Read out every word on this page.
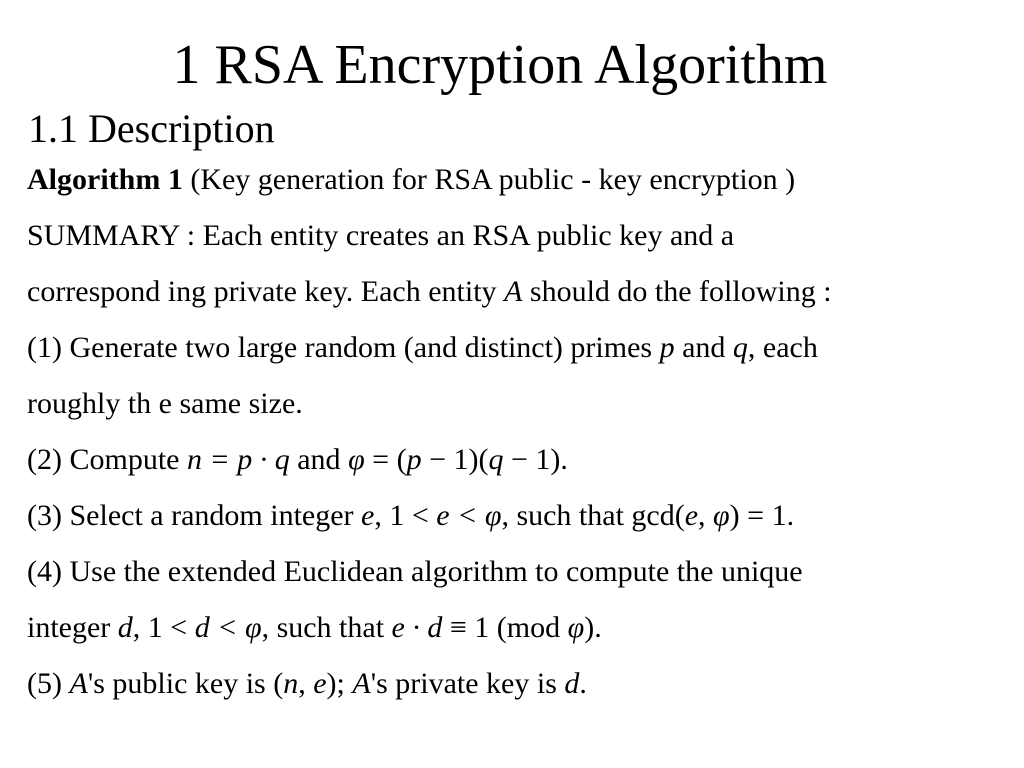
1 RSA Encryption Algorithm
1.1 Description
Algorithm 1 (Key generation for RSA public - key encryption )
SUMMARY : Each entity creates an RSA public key and a
correspond ing private key. Each entity A should do the following :
(1) Generate two large random (and distinct) primes p and q, each
roughly th e same size.
(2) Compute n = p · q and φ = (p − 1)(q − 1).
(3) Select a random integer e, 1 < e < φ, such that gcd(e, φ) = 1.
(4) Use the extended Euclidean algorithm to compute the unique
integer d, 1 < d < φ, such that e · d ≡ 1 (mod φ).
(5) A's public key is (n, e); A's private key is d.
